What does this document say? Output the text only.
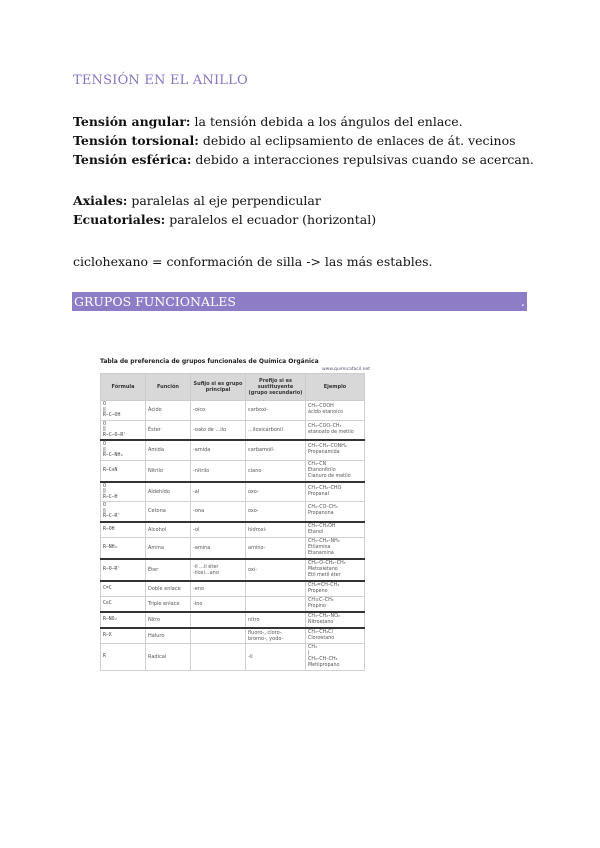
TENSIÓN EN EL ANILLO
Tensión angular: la tensión debida a los ángulos del enlace.
Tensión torsional: debido al eclipsamiento de enlaces de át. vecinos
Tensión esférica: debido a interacciones repulsivas cuando se acercan.
Axiales: paralelas al eje perpendicular
Ecuatoriales: paralelos el ecuador (horizontal)
ciclohexano = conformación de silla -> las más estables.
GRUPOS FUNCIONALES	.
Tabla de preferencia de grupos funcionales de Química Orgánica
www.quimicafacil.net
Fórmula	Función	Sufijo si es grupo principal	Prefijo si es sustituyente (grupo secundario)	Ejemplo
O
‖
R–C–OH	Ácido	-oico	carboxi-	CH₃–COOH
ácido etanoico
O
‖
R–C–O–R'	Éster	-oato de ...ilo	...iloxicarbonil	CH₃–COO–CH₃
etanoato de metilo
O
‖
R–C–NH₂	Amida	-amida	carbamoil-	CH₃–CH₂–CONH₂
Propanamida
R–C≡N	Nitrilo	-nitrilo	ciano	CH₃–CN
Etanonitrilo
Cianuro de metilo
O
‖
R–C–H	Aldehído	-al	oxo-	CH₃–CH₂–CHO
Propanal
O
‖
R–C–R'	Cetona	-ona	oxo-	CH₃–CO–CH₃
Propanona
R–OH	Alcohol	-ol	hidroxi-	CH₃–CH₂OH
Etanol
R–NH₂	Amina	-amina	amino-	CH₃–CH₂–NH₂
Etilamina
Etanamina
R–O–R'	Éter	-il ...il éter
-iloxi...ano	oxi-	CH₃–O–CH₂–CH₃
Metoxietano
Etil metil éter
C=C	Doble enlace	-eno		CH₂=CH–CH₃
Propeno
C≡C	Triple enlace	-ino		CH≡C–CH₃
Propino
R–NO₂	Nitro		nitro	CH₃–CH₂–NO₂
Nitroetano
R–X	Haluro		fluoro-, cloro-
bromo-, yodo-	CH₃–CH₂Cl
Cloroetano
R	Radical		-il	CH₃
|
CH₃–CH–CH₃
Metilpropano
